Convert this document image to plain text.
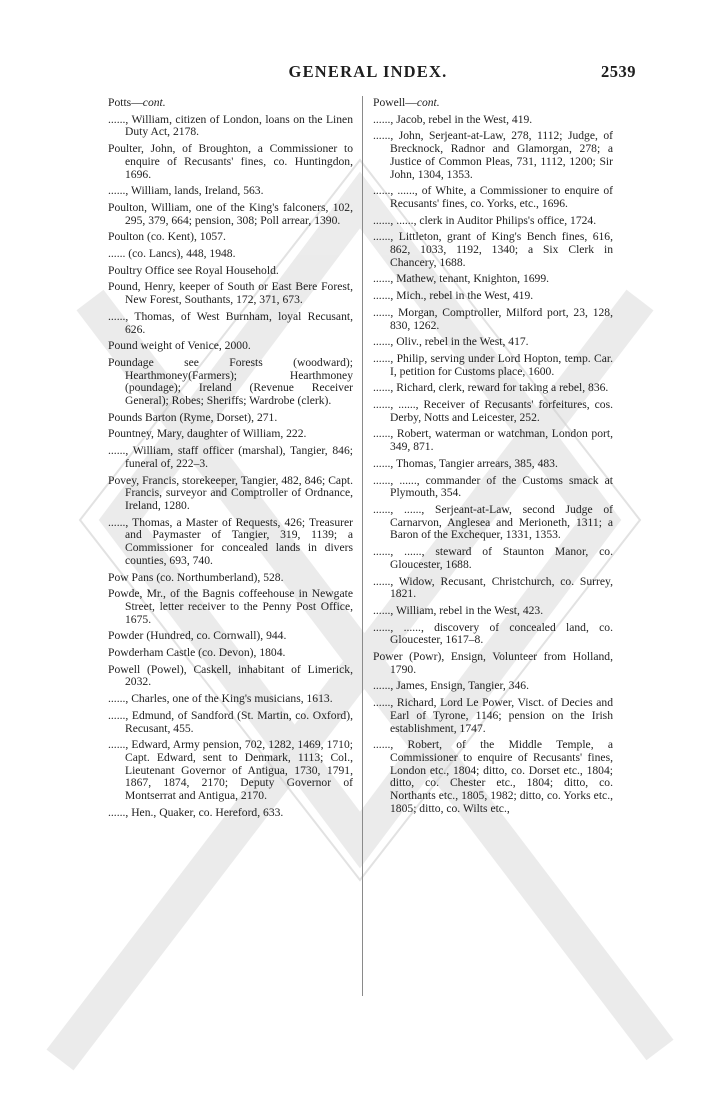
GENERAL INDEX.	2539
Potts—cont.

......, William, citizen of London, loans on the Linen Duty Act, 2178.

Poulter, John, of Broughton, a Commissioner to enquire of Recusants' fines, co. Huntingdon, 1696.

......, William, lands, Ireland, 563.

Poulton, William, one of the King's falconers, 102, 295, 379, 664; pension, 308; Poll arrear, 1390.

Poulton (co. Kent), 1057.

...... (co. Lancs), 448, 1948.

Poultry Office see Royal Household.

Pound, Henry, keeper of South or East Bere Forest, New Forest, Southants, 172, 371, 673.

......, Thomas, of West Burnham, loyal Recusant, 626.

Pound weight of Venice, 2000.

Poundage see Forests (woodward); Hearthmoney(Farmers); Hearthmoney (poundage); Ireland (Revenue Receiver General); Robes; Sheriffs; Wardrobe (clerk).

Pounds Barton (Ryme, Dorset), 271.

Pountney, Mary, daughter of William, 222.

......, William, staff officer (marshal), Tangier, 846; funeral of, 222–3.

Povey, Francis, storekeeper, Tangier, 482, 846; Capt. Francis, surveyor and Comptroller of Ordnance, Ireland, 1280.

......, Thomas, a Master of Requests, 426; Treasurer and Paymaster of Tangier, 319, 1139; a Commissioner for concealed lands in divers counties, 693, 740.

Pow Pans (co. Northumberland), 528.

Powde, Mr., of the Bagnis coffeehouse in Newgate Street, letter receiver to the Penny Post Office, 1675.

Powder (Hundred, co. Cornwall), 944.

Powderham Castle (co. Devon), 1804.

Powell (Powel), Caskell, inhabitant of Limerick, 2032.

......, Charles, one of the King's musicians, 1613.

......, Edmund, of Sandford (St. Martin, co. Oxford), Recusant, 455.

......, Edward, Army pension, 702, 1282, 1469, 1710; Capt. Edward, sent to Denmark, 1113; Col., Lieutenant Governor of Antigua, 1730, 1791, 1867, 1874, 2170; Deputy Governor of Montserrat and Antigua, 2170.

......, Hen., Quaker, co. Hereford, 633.

Powell—cont.

......, Jacob, rebel in the West, 419.

......, John, Serjeant-at-Law, 278, 1112; Judge, of Brecknock, Radnor and Glamorgan, 278; a Justice of Common Pleas, 731, 1112, 1200; Sir John, 1304, 1353.

......, ......, of White, a Commissioner to enquire of Recusants' fines, co. Yorks, etc., 1696.

......, ......, clerk in Auditor Philips's office, 1724.

......, Littleton, grant of King's Bench fines, 616, 862, 1033, 1192, 1340; a Six Clerk in Chancery, 1688.

......, Mathew, tenant, Knighton, 1699.

......, Mich., rebel in the West, 419.

......, Morgan, Comptroller, Milford port, 23, 128, 830, 1262.

......, Oliv., rebel in the West, 417.

......, Philip, serving under Lord Hopton, temp. Car. I, petition for Customs place, 1600.

......, Richard, clerk, reward for taking a rebel, 836.

......, ......, Receiver of Recusants' forfeitures, cos. Derby, Notts and Leicester, 252.

......, Robert, waterman or watchman, London port, 349, 871.

......, Thomas, Tangier arrears, 385, 483.

......, ......, commander of the Customs smack at Plymouth, 354.

......, ......, Serjeant-at-Law, second Judge of Carnarvon, Anglesea and Merioneth, 1311; a Baron of the Exchequer, 1331, 1353.

......, ......, steward of Staunton Manor, co. Gloucester, 1688.

......, Widow, Recusant, Christchurch, co. Surrey, 1821.

......, William, rebel in the West, 423.

......, ......, discovery of concealed land, co. Gloucester, 1617–8.

Power (Powr), Ensign, Volunteer from Holland, 1790.

......, James, Ensign, Tangier, 346.

......, Richard, Lord Le Power, Visct. of Decies and Earl of Tyrone, 1146; pension on the Irish establishment, 1747.

......, Robert, of the Middle Temple, a Commissioner to enquire of Recusants' fines, London etc., 1804; ditto, co. Dorset etc., 1804; ditto, co. Chester etc., 1804; ditto, co. Northants etc., 1805, 1982; ditto, co. Yorks etc., 1805; ditto, co. Wilts etc.,
